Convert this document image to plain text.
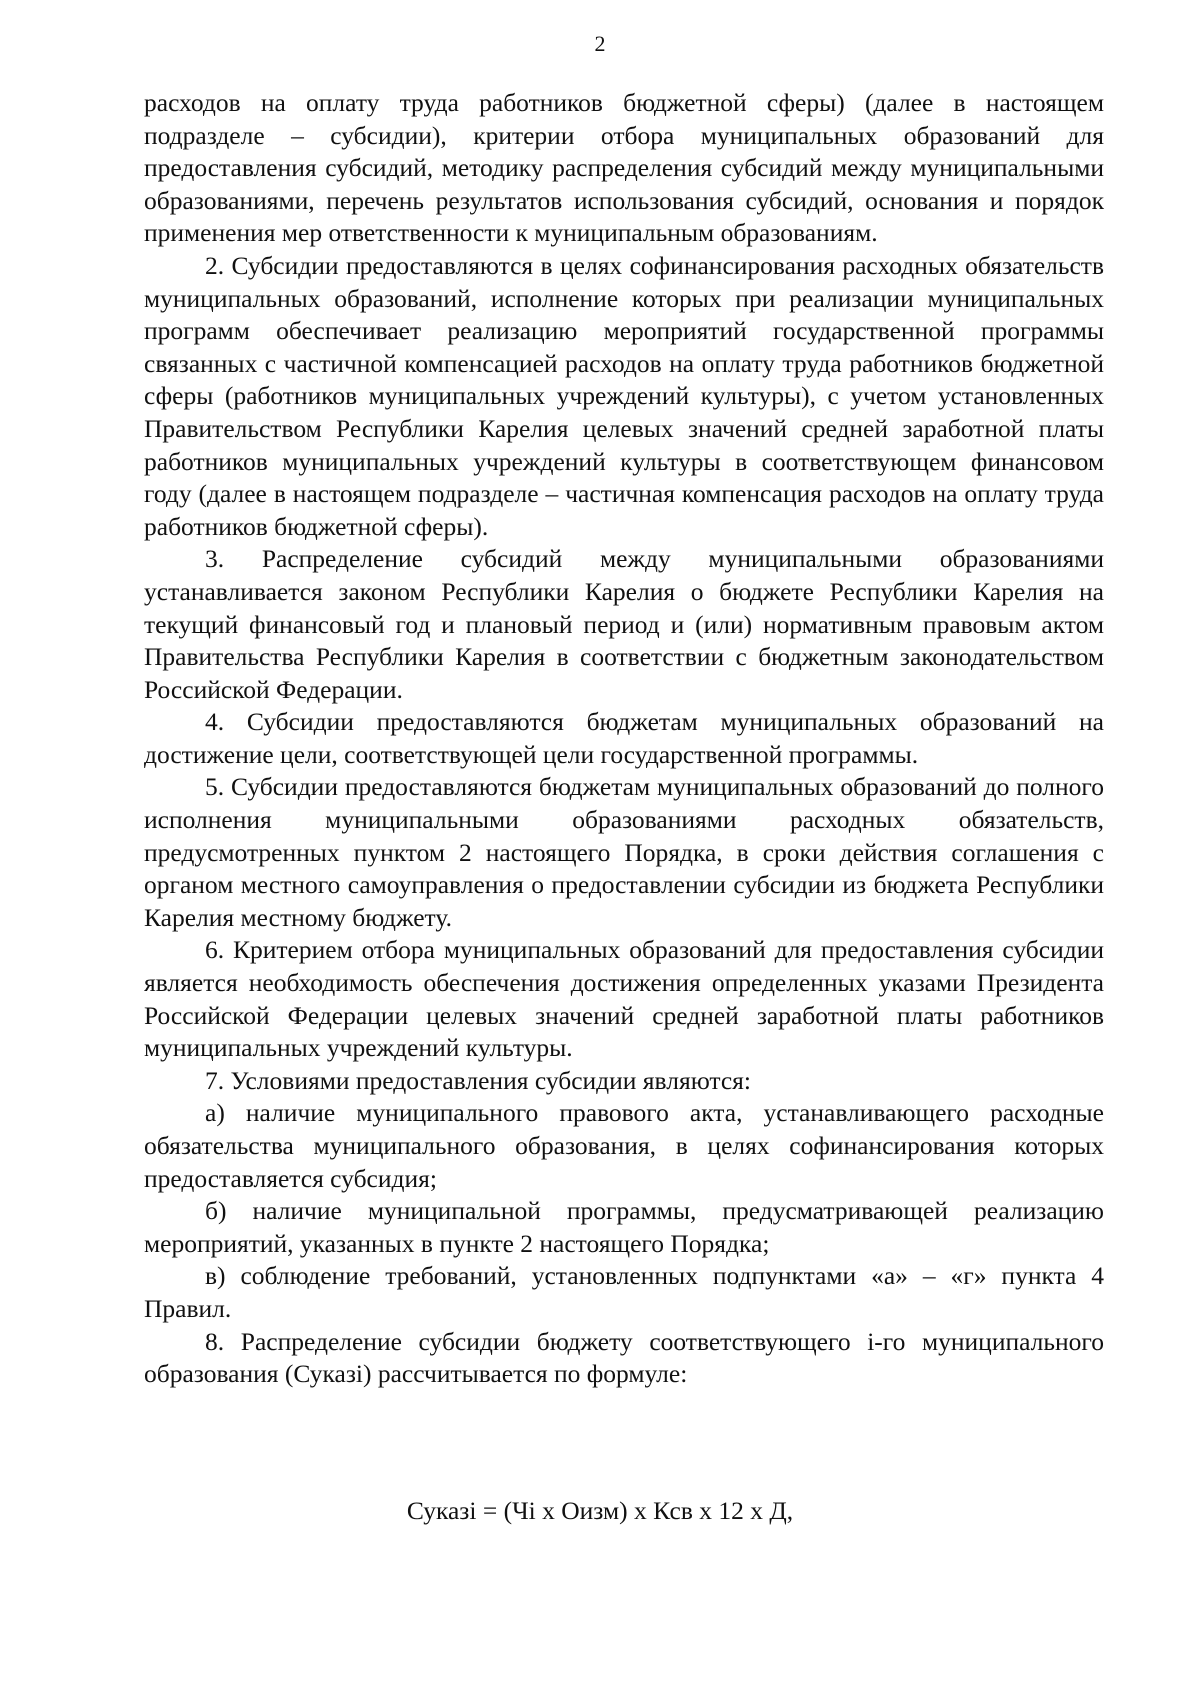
2

расходов на оплату труда работников бюджетной сферы) (далее в настоящем подразделе – субсидии), критерии отбора муниципальных образований для предоставления субсидий, методику распределения субсидий между муниципальными образованиями, перечень результатов использования субсидий, основания и порядок применения мер ответственности к муниципальным образованиям.

2. Субсидии предоставляются в целях софинансирования расходных обязательств муниципальных образований, исполнение которых при реализации муниципальных программ обеспечивает реализацию мероприятий государственной программы связанных с частичной компенсацией расходов на оплату труда работников бюджетной сферы (работников муниципальных учреждений культуры), с учетом установленных Правительством Республики Карелия целевых значений средней заработной платы работников муниципальных учреждений культуры в соответствующем финансовом году (далее в настоящем подразделе – частичная компенсация расходов на оплату труда работников бюджетной сферы).

3. Распределение субсидий между муниципальными образованиями устанавливается законом Республики Карелия о бюджете Республики Карелия на текущий финансовый год и плановый период и (или) нормативным правовым актом Правительства Республики Карелия в соответствии с бюджетным законодательством Российской Федерации.

4. Субсидии предоставляются бюджетам муниципальных образований на достижение цели, соответствующей цели государственной программы.

5. Субсидии предоставляются бюджетам муниципальных образований до полного исполнения муниципальными образованиями расходных обязательств, предусмотренных пунктом 2 настоящего Порядка, в сроки действия соглашения с органом местного самоуправления о предоставлении субсидии из бюджета Республики Карелия местному бюджету.

6. Критерием отбора муниципальных образований для предоставления субсидии является необходимость обеспечения достижения определенных указами Президента Российской Федерации целевых значений средней заработной платы работников муниципальных учреждений культуры.

7. Условиями предоставления субсидии являются:

а) наличие муниципального правового акта, устанавливающего расходные обязательства муниципального образования, в целях софинансирования которых предоставляется субсидия;

б) наличие муниципальной программы, предусматривающей реализацию мероприятий, указанных в пункте 2 настоящего Порядка;

в) соблюдение требований, установленных подпунктами «а» – «г» пункта 4 Правил.

8. Распределение субсидии бюджету соответствующего i-го муниципального образования (Суказi) рассчитывается по формуле:

Суказi = (Чi х Оизм) х Ксв х 12 х Д,
